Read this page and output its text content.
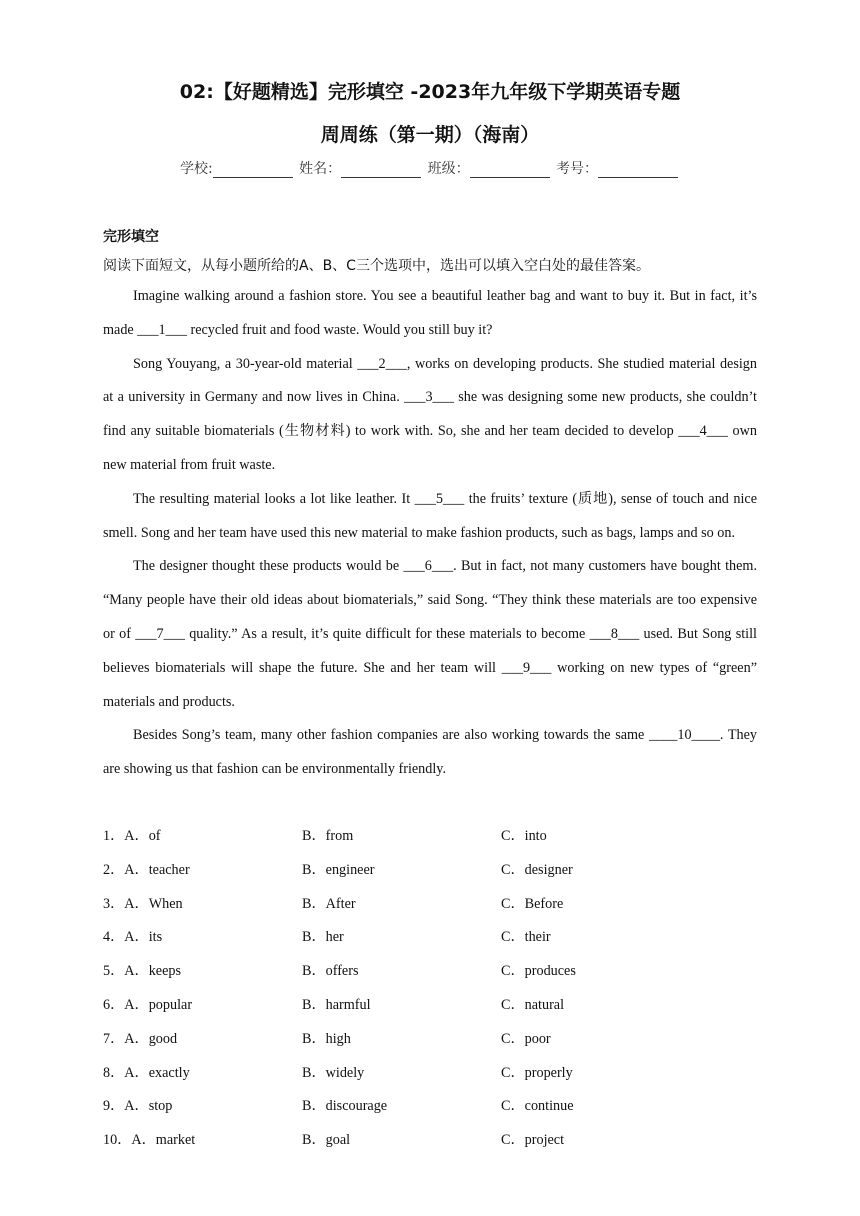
02:【好题精选】完形填空 -2023年九年级下学期英语专题
周周练（第一期）（海南）
学校:	姓名：	班级：	考号：
完形填空
阅读下面短文，从每小题所给的A、B、C三个选项中，选出可以填入空白处的最佳答案。

Imagine walking around a fashion store. You see a beautiful leather bag and want to buy it. But in fact, it’s made ___1___ recycled fruit and food waste. Would you still buy it?

Song Youyang, a 30-year-old material ___2___, works on developing products. She studied material design at a university in Germany and now lives in China. ___3___ she was designing some new products, she couldn’t find any suitable biomaterials (生物材料) to work with. So, she and her team decided to develop ___4___ own new material from fruit waste.

The resulting material looks a lot like leather. It ___5___ the fruits’ texture (质地), sense of touch and nice smell. Song and her team have used this new material to make fashion products, such as bags, lamps and so on.

The designer thought these products would be ___6___. But in fact, not many customers have bought them. “Many people have their old ideas about biomaterials,” said Song. “They think these materials are too expensive or of ___7___ quality.” As a result, it’s quite difficult for these materials to become ___8___ used. But Song still believes biomaterials will shape the future. She and her team will ___9___ working on new types of “green” materials and products.

Besides Song’s team, many other fashion companies are also working towards the same ____10____. They are showing us that fashion can be environmentally friendly.

1．A．of	B．from	C．into
2．A．teacher	B．engineer	C．designer
3．A．When	B．After	C．Before
4．A．its	B．her	C．their
5．A．keeps	B．offers	C．produces
6．A．popular	B．harmful	C．natural
7．A．good	B．high	C．poor
8．A．exactly	B．widely	C．properly
9．A．stop	B．discourage	C．continue
10．A．market	B．goal	C．project
